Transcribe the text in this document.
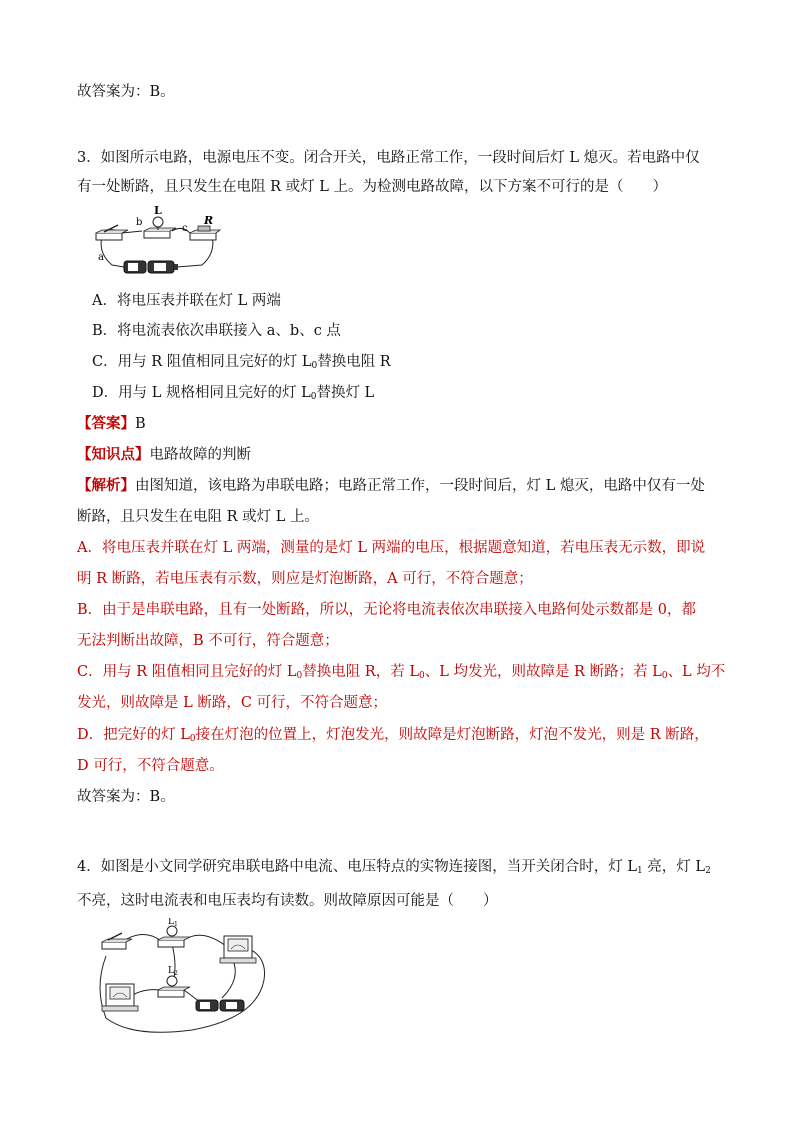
故答案为：B。
3．如图所示电路，电源电压不变。闭合开关，电路正常工作，一段时间后灯 L 熄灭。若电路中仅
有一处断路，且只发生在电阻 R 或灯 L 上。为检测电路故障，以下方案不可行的是（　　）
a
b
c
L
R
A．将电压表并联在灯 L 两端
B．将电流表依次串联接入 a、b、c 点
C．用与 R 阻值相同且完好的灯 $L_0$替换电阻 R
D．用与 L 规格相同且完好的灯 $L_0$替换灯 L
【答案】B
【知识点】电路故障的判断
【解析】由图知道，该电路为串联电路；电路正常工作，一段时间后，灯 L 熄灭，电路中仅有一处
断路，且只发生在电阻 R 或灯 L 上。
A．将电压表并联在灯 L 两端，测量的是灯 L 两端的电压，根据题意知道，若电压表无示数，即说
明 R 断路，若电压表有示数，则应是灯泡断路，A 可行，不符合题意；
B．由于是串联电路，且有一处断路，所以，无论将电流表依次串联接入电路何处示数都是 0，都
无法判断出故障，B 不可行，符合题意；
C．用与 R 阻值相同且完好的灯 $L_0$替换电阻 R，若 $L_0$、L 均发光，则故障是 R 断路；若 $L_0$、L 均不
发光，则故障是 L 断路，C 可行，不符合题意；
D．把完好的灯 $L_0$接在灯泡的位置上，灯泡发光，则故障是灯泡断路，灯泡不发光，则是 R 断路，
D 可行，不符合题意。
故答案为：B。
4．如图是小文同学研究串联电路中电流、电压特点的实物连接图，当开关闭合时，灯 $L_1$ 亮，灯 $L_2$
不亮，这时电流表和电压表均有读数。则故障原因可能是（　　）
$L_1$
$L_2$
